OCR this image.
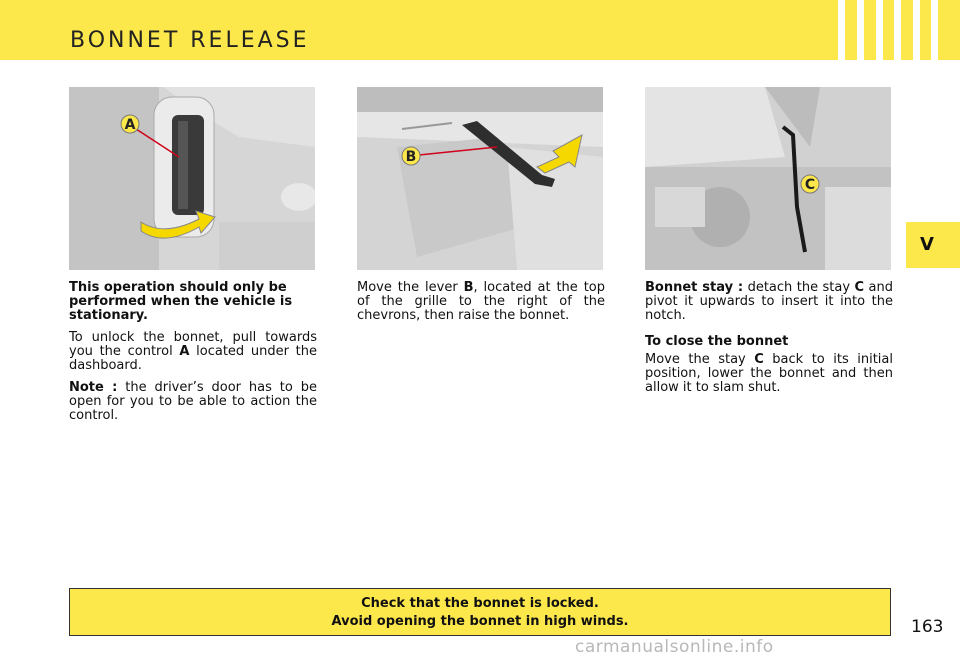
BONNET RELEASE
V
A
B
C

This operation should only be performed when the vehicle is stationary.

To unlock the bonnet, pull towards you the control A located under the dashboard.

Note : the driver’s door has to be open for you to be able to action the control.

Move the lever B, located at the top of the grille to the right of the chevrons, then raise the bonnet.

Bonnet stay : detach the stay C and pivot it upwards to insert it into the notch.

To close the bonnet

Move the stay C back to its initial position, lower the bonnet and then allow it to slam shut.

Check that the bonnet is locked.
Avoid opening the bonnet in high winds.	163
carmanualsonline.info
